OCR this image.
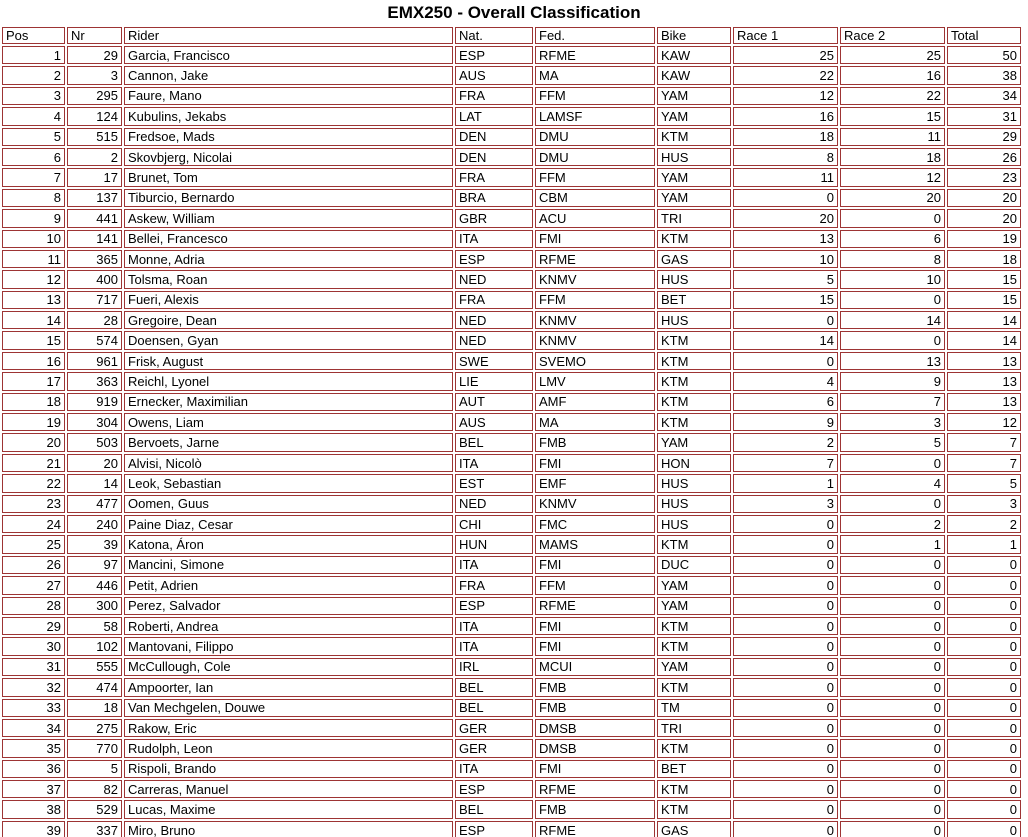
EMX250 - Overall Classification
Pos	Nr	Rider	Nat.	Fed.	Bike	Race 1	Race 2	Total
1	29	Garcia, Francisco	ESP	RFME	KAW	25	25	50
2	3	Cannon, Jake	AUS	MA	KAW	22	16	38
3	295	Faure, Mano	FRA	FFM	YAM	12	22	34
4	124	Kubulins, Jekabs	LAT	LAMSF	YAM	16	15	31
5	515	Fredsoe, Mads	DEN	DMU	KTM	18	11	29
6	2	Skovbjerg, Nicolai	DEN	DMU	HUS	8	18	26
7	17	Brunet, Tom	FRA	FFM	YAM	11	12	23
8	137	Tiburcio, Bernardo	BRA	CBM	YAM	0	20	20
9	441	Askew, William	GBR	ACU	TRI	20	0	20
10	141	Bellei, Francesco	ITA	FMI	KTM	13	6	19
11	365	Monne, Adria	ESP	RFME	GAS	10	8	18
12	400	Tolsma, Roan	NED	KNMV	HUS	5	10	15
13	717	Fueri, Alexis	FRA	FFM	BET	15	0	15
14	28	Gregoire, Dean	NED	KNMV	HUS	0	14	14
15	574	Doensen, Gyan	NED	KNMV	KTM	14	0	14
16	961	Frisk, August	SWE	SVEMO	KTM	0	13	13
17	363	Reichl, Lyonel	LIE	LMV	KTM	4	9	13
18	919	Ernecker, Maximilian	AUT	AMF	KTM	6	7	13
19	304	Owens, Liam	AUS	MA	KTM	9	3	12
20	503	Bervoets, Jarne	BEL	FMB	YAM	2	5	7
21	20	Alvisi, Nicolò	ITA	FMI	HON	7	0	7
22	14	Leok, Sebastian	EST	EMF	HUS	1	4	5
23	477	Oomen, Guus	NED	KNMV	HUS	3	0	3
24	240	Paine Diaz, Cesar	CHI	FMC	HUS	0	2	2
25	39	Katona, Áron	HUN	MAMS	KTM	0	1	1
26	97	Mancini, Simone	ITA	FMI	DUC	0	0	0
27	446	Petit, Adrien	FRA	FFM	YAM	0	0	0
28	300	Perez, Salvador	ESP	RFME	YAM	0	0	0
29	58	Roberti, Andrea	ITA	FMI	KTM	0	0	0
30	102	Mantovani, Filippo	ITA	FMI	KTM	0	0	0
31	555	McCullough, Cole	IRL	MCUI	YAM	0	0	0
32	474	Ampoorter, Ian	BEL	FMB	KTM	0	0	0
33	18	Van Mechgelen, Douwe	BEL	FMB	TM	0	0	0
34	275	Rakow, Eric	GER	DMSB	TRI	0	0	0
35	770	Rudolph, Leon	GER	DMSB	KTM	0	0	0
36	5	Rispoli, Brando	ITA	FMI	BET	0	0	0
37	82	Carreras, Manuel	ESP	RFME	KTM	0	0	0
38	529	Lucas, Maxime	BEL	FMB	KTM	0	0	0
39	337	Miro, Bruno	ESP	RFME	GAS	0	0	0
